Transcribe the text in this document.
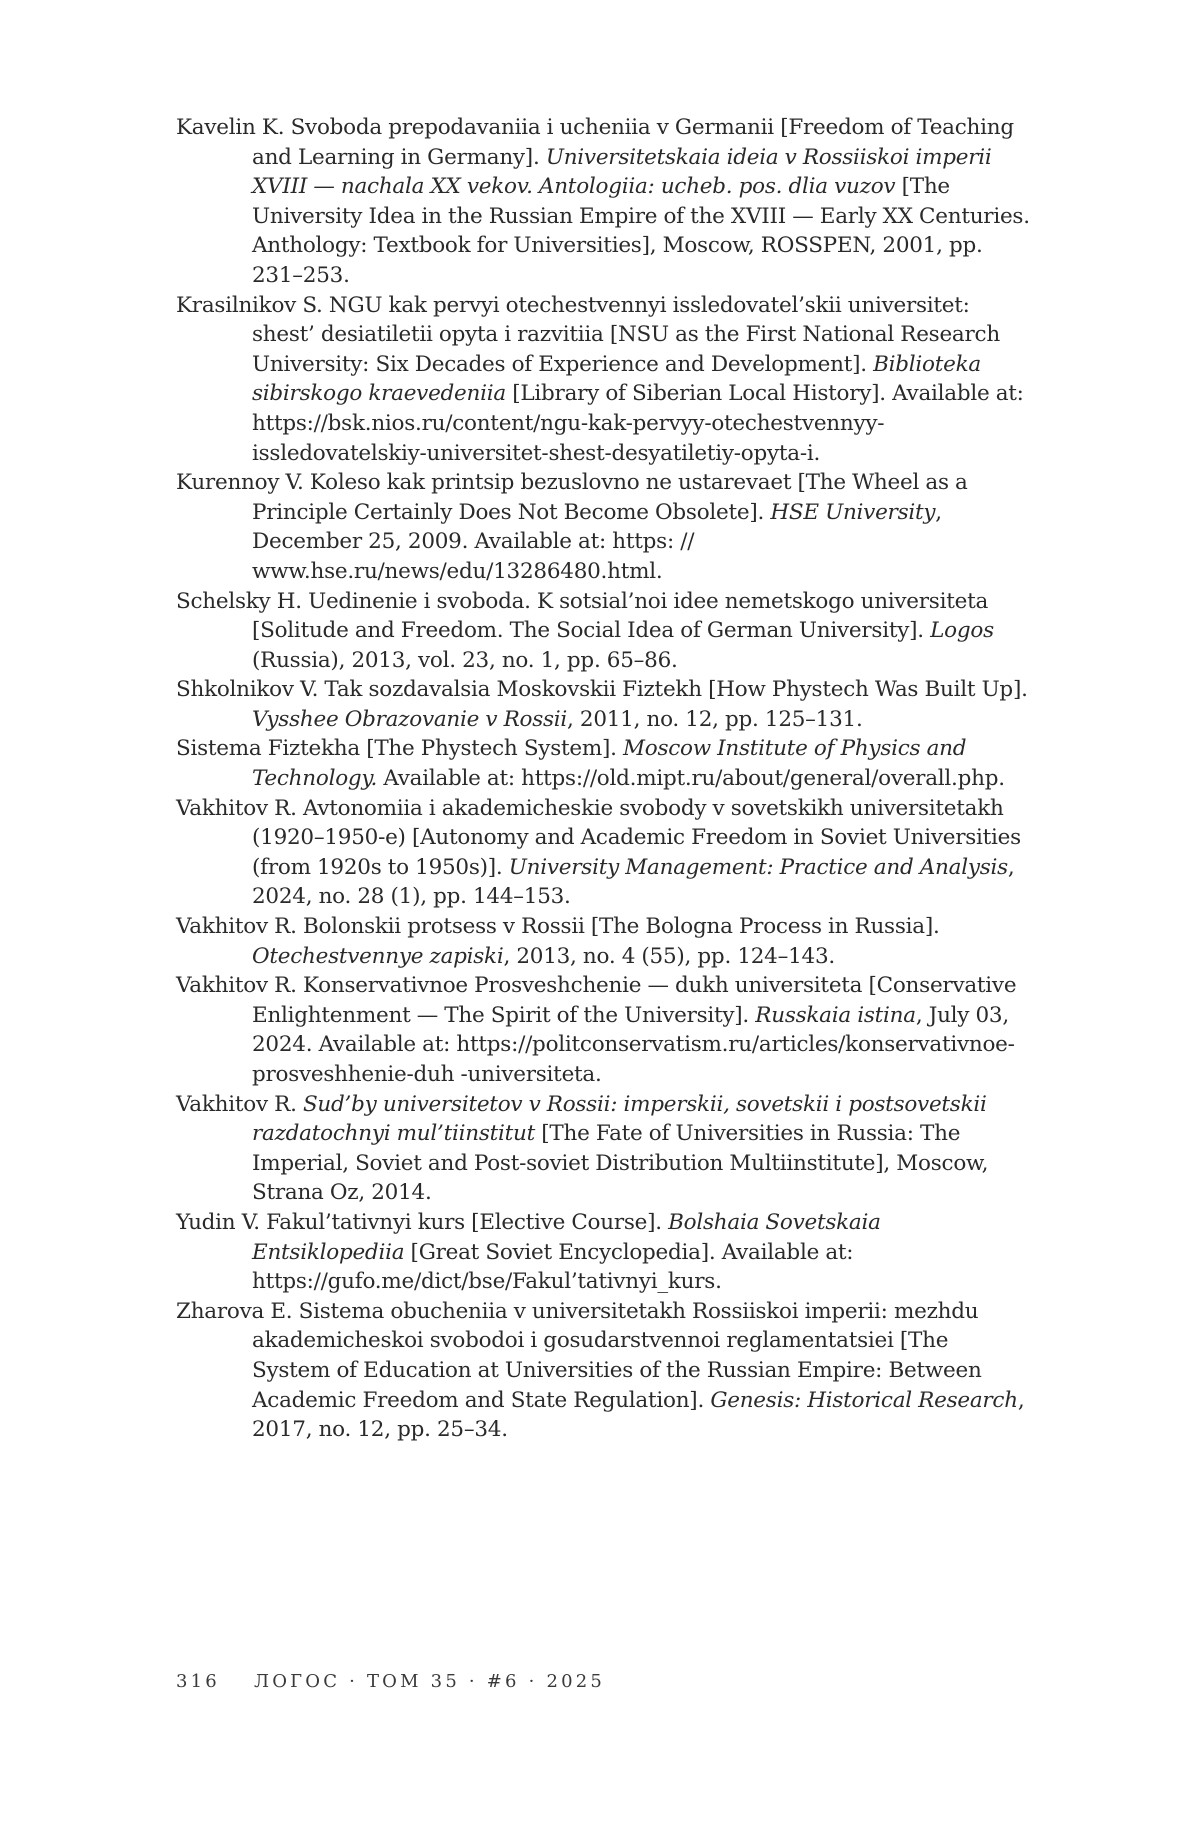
Kavelin K. Svoboda prepodavaniia i ucheniia v Germanii [Freedom of Teaching and Learning in Germany]. Universitetskaia ideia v Rossiiskoi imperii XVIII — nachala XX vekov. Antologiia: ucheb. pos. dlia vuzov [The University Idea in the Russian Empire of the XVIII — Early XX Centuries. Anthology: Textbook for Universities], Moscow, ROSSPEN, 2001, pp. 231–253.

Krasilnikov S. NGU kak pervyi otechestvennyi issledovatel’skii universitet: shest’ desiatiletii opyta i razvitiia [NSU as the First National Research University: Six Decades of Experience and Development]. Biblioteka sibirskogo kraevedeniia [Library of Siberian Local History]. Available at: https://bsk.nios.ru/content/ngu-kak-pervyy-otechestvennyy-issledovatelskiy-universitet-shest-desyatiletiy-opyta-i.

Kurennoy V. Koleso kak printsip bezuslovno ne ustarevaet [The Wheel as a Principle Certainly Does Not Become Obsolete]. HSE University, December 25, 2009. Available at: https: // www.hse.ru/news/edu/13286480.html.

Schelsky H. Uedinenie i svoboda. K sotsial’noi idee nemetskogo universiteta [Solitude and Freedom. The Social Idea of German University]. Logos (Russia), 2013, vol. 23, no. 1, pp. 65–86.

Shkolnikov V. Tak sozdavalsia Moskovskii Fiztekh [How Phystech Was Built Up]. Vysshee Obrazovanie v Rossii, 2011, no. 12, pp. 125–131.

Sistema Fiztekha [The Phystech System]. Moscow Institute of Physics and Technology. Available at: https://old.mipt.ru/about/general/overall.php.

Vakhitov R. Avtonomiia i akademicheskie svobody v sovetskikh universitetakh (1920–1950-e) [Autonomy and Academic Freedom in Soviet Universities (from 1920s to 1950s)]. University Management: Practice and Analysis, 2024, no. 28 (1), pp. 144–153.

Vakhitov R. Bolonskii protsess v Rossii [The Bologna Process in Russia]. Otechestvennye zapiski, 2013, no. 4 (55), pp. 124–143.

Vakhitov R. Konservativnoe Prosveshchenie — dukh universiteta [Conservative Enlightenment — The Spirit of the University]. Russkaia istina, July 03, 2024. Available at: https://politconservatism.ru/articles/konservativnoe-prosveshhenie-duh -universiteta.

Vakhitov R. Sud’by universitetov v Rossii: imperskii, sovetskii i postsovetskii razdatochnyi mul’tiinstitut [The Fate of Universities in Russia: The Imperial, Soviet and Post-soviet Distribution Multiinstitute], Moscow, Strana Oz, 2014.

Yudin V. Fakul’tativnyi kurs [Elective Course]. Bolshaia Sovetskaia Entsiklopediia [Great Soviet Encyclopedia]. Available at: https://gufo.me/dict/bse/Fakul’tativnyi_kurs.

Zharova E. Sistema obucheniia v universitetakh Rossiiskoi imperii: mezhdu akademicheskoi svobodoi i gosudarstvennoi reglamentatsiei [The System of Education at Universities of the Russian Empire: Between Academic Freedom and State Regulation]. Genesis: Historical Research, 2017, no. 12, pp. 25–34.

316 ЛОГОС · ТОМ 35 · #6 · 2025
